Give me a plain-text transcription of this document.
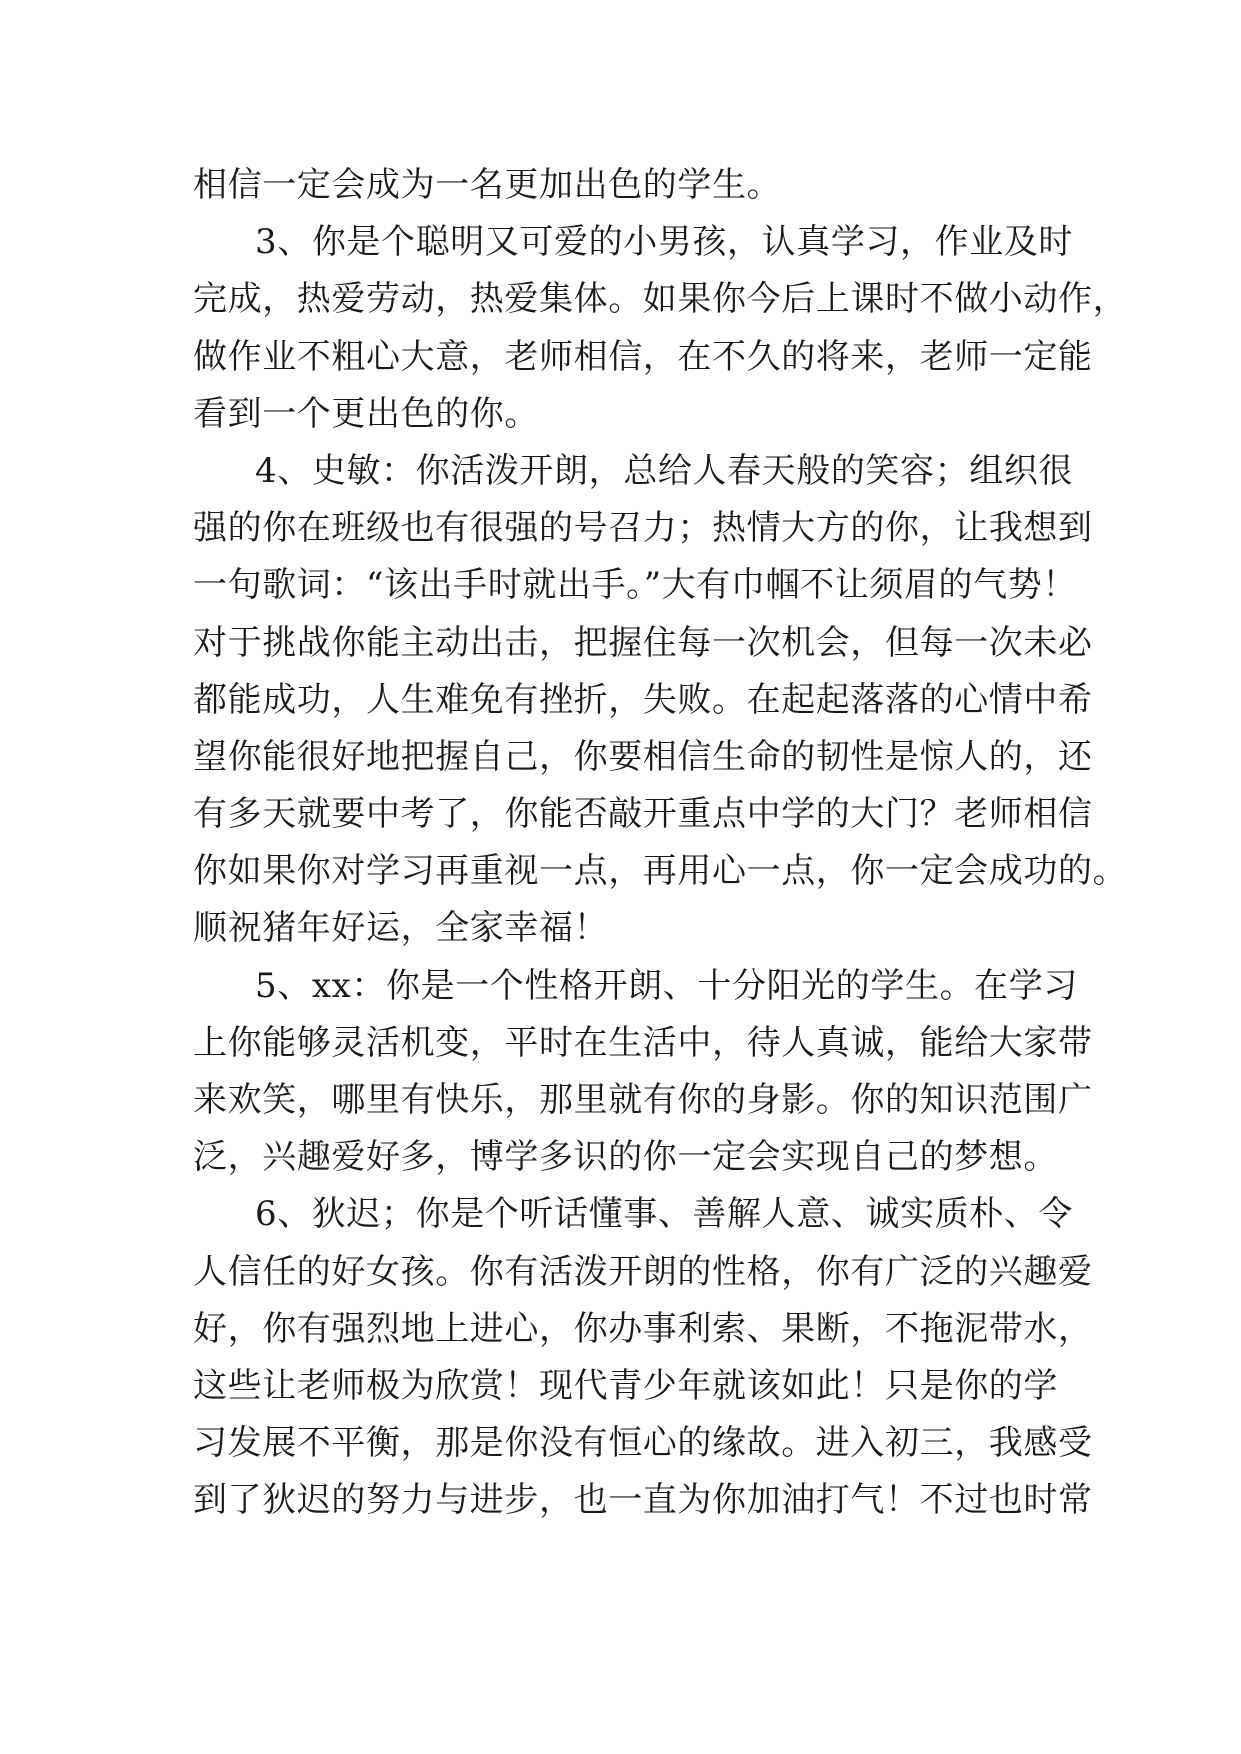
相信一定会成为一名更加出色的学生。
3、你是个聪明又可爱的小男孩，认真学习，作业及时
完成，热爱劳动，热爱集体。如果你今后上课时不做小动作，
做作业不粗心大意，老师相信，在不久的将来，老师一定能
看到一个更出色的你。
4、史敏：你活泼开朗，总给人春天般的笑容；组织很
强的你在班级也有很强的号召力；热情大方的你，让我想到
一句歌词：“该出手时就出手。”大有巾帼不让须眉的气势！
对于挑战你能主动出击，把握住每一次机会，但每一次未必
都能成功，人生难免有挫折，失败。在起起落落的心情中希
望你能很好地把握自己，你要相信生命的韧性是惊人的，还
有多天就要中考了，你能否敲开重点中学的大门？老师相信
你如果你对学习再重视一点，再用心一点，你一定会成功的。
顺祝猪年好运，全家幸福！
5、xx：你是一个性格开朗、十分阳光的学生。在学习
上你能够灵活机变，平时在生活中，待人真诚，能给大家带
来欢笑，哪里有快乐，那里就有你的身影。你的知识范围广
泛，兴趣爱好多，博学多识的你一定会实现自己的梦想。
6、狄迟；你是个听话懂事、善解人意、诚实质朴、令
人信任的好女孩。你有活泼开朗的性格，你有广泛的兴趣爱
好，你有强烈地上进心，你办事利索、果断，不拖泥带水，
这些让老师极为欣赏！现代青少年就该如此！只是你的学
习发展不平衡，那是你没有恒心的缘故。进入初三，我感受
到了狄迟的努力与进步，也一直为你加油打气！不过也时常
